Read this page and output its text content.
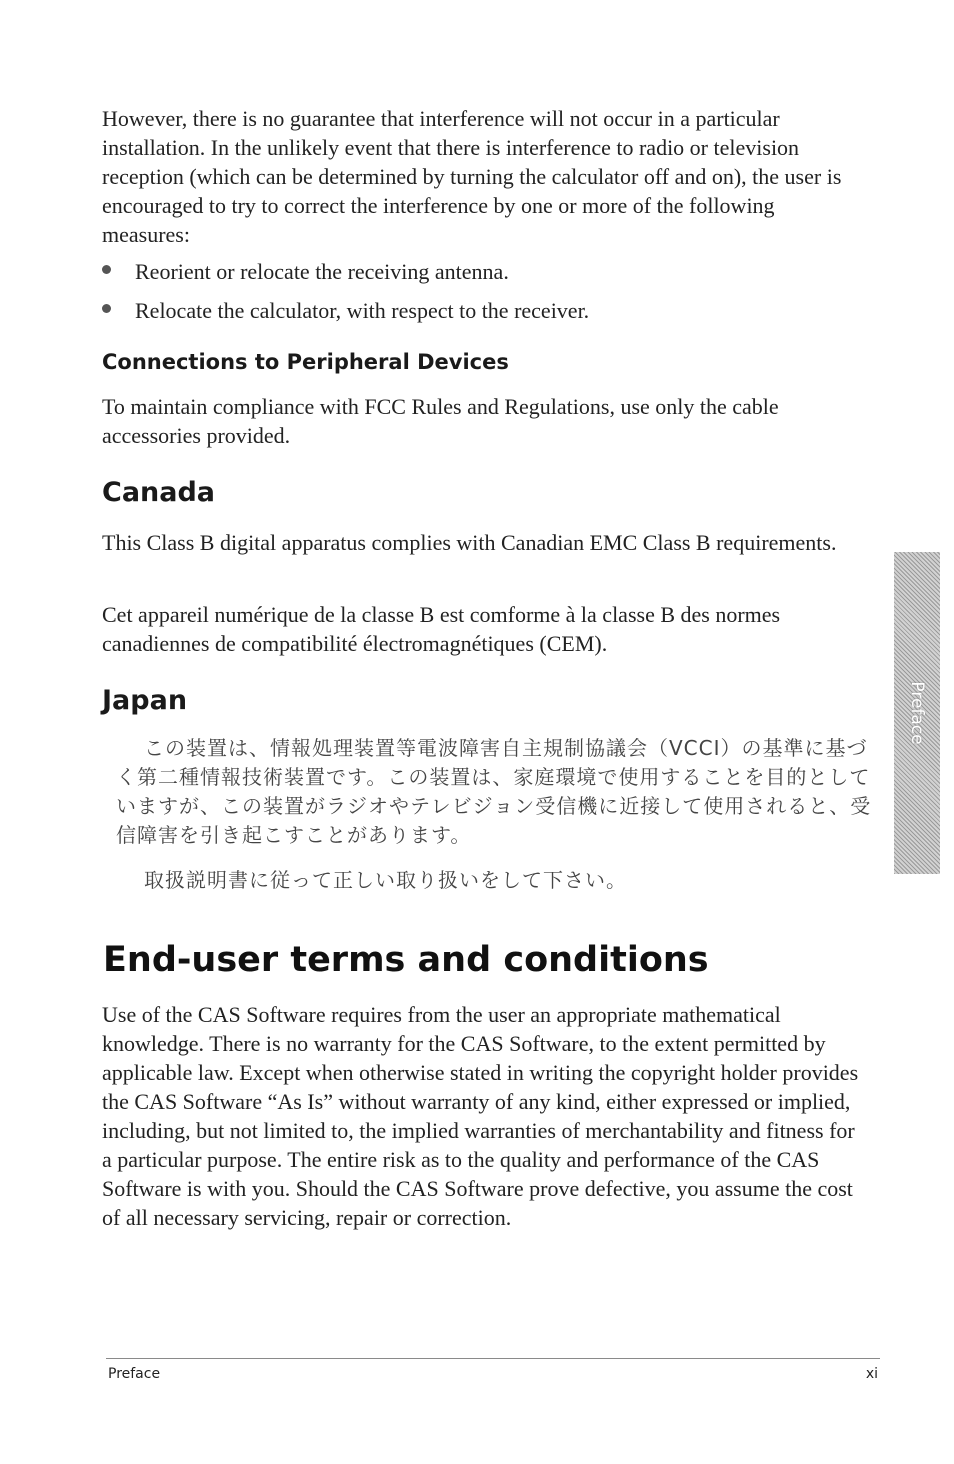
However, there is no guarantee that interference will not occur in a particular installation. In the unlikely event that there is interference to radio or television reception (which can be determined by turning the calculator off and on), the user is encouraged to try to correct the interference by one or more of the following measures:

Reorient or relocate the receiving antenna.
Relocate the calculator, with respect to the receiver.
Connections to Peripheral Devices

To maintain compliance with FCC Rules and Regulations, use only the cable accessories provided.

Canada

This Class B digital apparatus complies with Canadian EMC Class B requirements.

Cet appareil numérique de la classe B est comforme à la classe B des normes canadiennes de compatibilité électromagnétiques (CEM).

Japan

この装置は、情報処理装置等電波障害自主規制協議会（VCCI）の基準に基づく第二種情報技術装置です。この装置は、家庭環境で使用することを目的としていますが、この装置がラジオやテレビジョン受信機に近接して使用されると、受信障害を引き起こすことがあります。

取扱説明書に従って正しい取り扱いをして下さい。

End-user terms and conditions

Use of the CAS Software requires from the user an appropriate mathematical knowledge. There is no warranty for the CAS Software, to the extent permitted by applicable law. Except when otherwise stated in writing the copyright holder provides the CAS Software “As Is” without warranty of any kind, either expressed or implied, including, but not limited to, the implied warranties of merchantability and fitness for a particular purpose. The entire risk as to the quality and performance of the CAS Software is with you. Should the CAS Software prove defective, you assume the cost of all necessary servicing, repair or correction.

Preface
Preface	xi
